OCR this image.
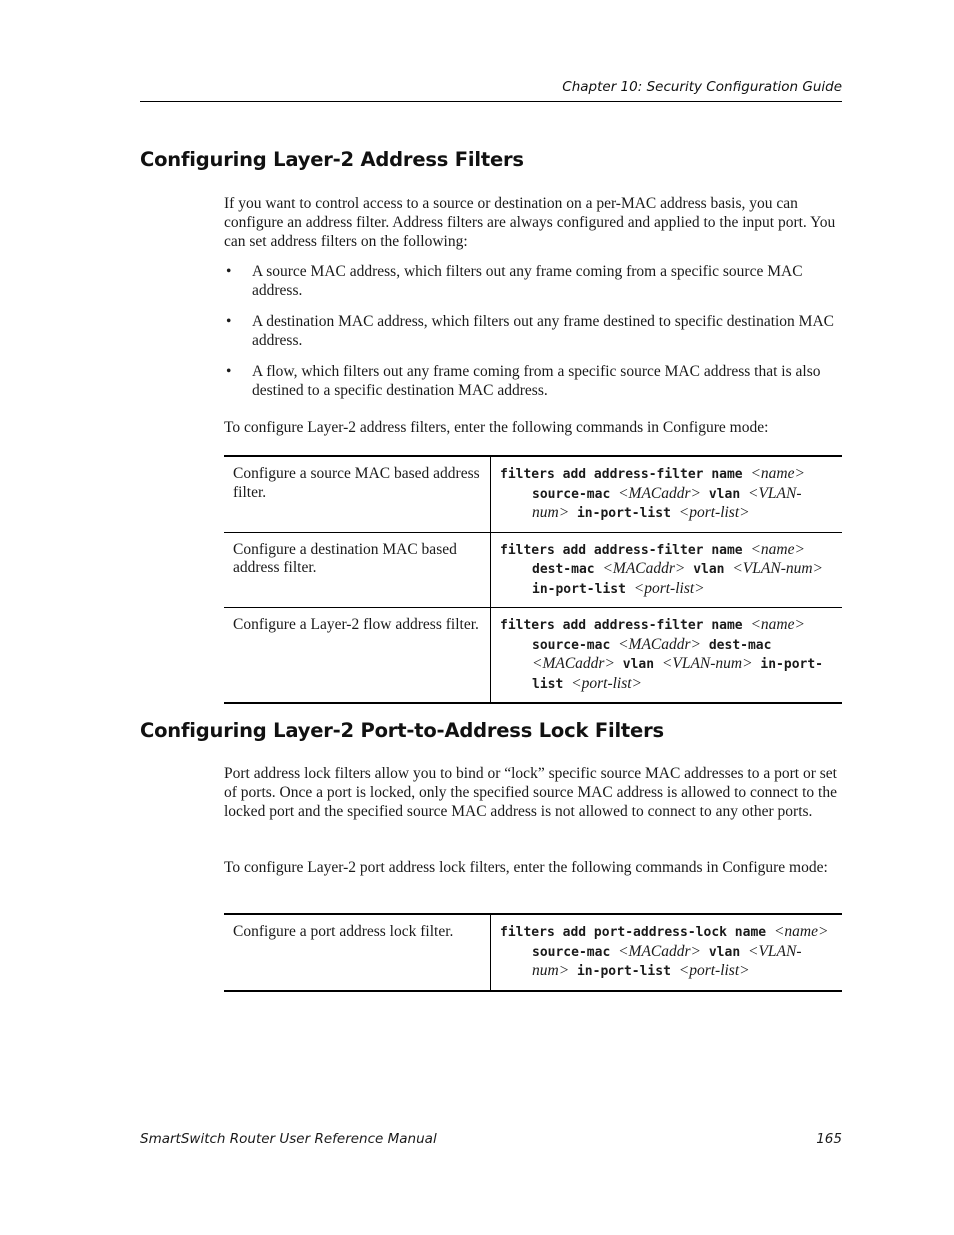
Chapter 10: Security Configuration Guide
Configuring Layer-2 Address Filters

If you want to control access to a source or destination on a per-MAC address basis, you can configure an address filter. Address filters are always configured and applied to the input port. You can set address filters on the following:

• A source MAC address, which filters out any frame coming from a specific source MAC address.
• A destination MAC address, which filters out any frame destined to specific destination MAC address.
• A flow, which filters out any frame coming from a specific source MAC address that is also destined to a specific destination MAC address.

To configure Layer-2 address filters, enter the following commands in Configure mode:

Configure a source MAC based address filter.	filters add address-filter name <name> source-mac <MACaddr> vlan <VLAN-num> in-port-list <port-list>

Configure a destination MAC based address filter.	filters add address-filter name <name> dest-mac <MACaddr> vlan <VLAN-num> in-port-list <port-list>

Configure a Layer-2 flow address filter.	filters add address-filter name <name> source-mac <MACaddr> dest-mac <MACaddr> vlan <VLAN-num> in-port-list <port-list>
Configuring Layer-2 Port-to-Address Lock Filters

Port address lock filters allow you to bind or “lock” specific source MAC addresses to a port or set of ports. Once a port is locked, only the specified source MAC address is allowed to connect to the locked port and the specified source MAC address is not allowed to connect to any other ports.

To configure Layer-2 port address lock filters, enter the following commands in Configure mode:

Configure a port address lock filter.	filters add port-address-lock name <name> source-mac <MACaddr> vlan <VLAN-num> in-port-list <port-list>
SmartSwitch Router User Reference Manual	165
